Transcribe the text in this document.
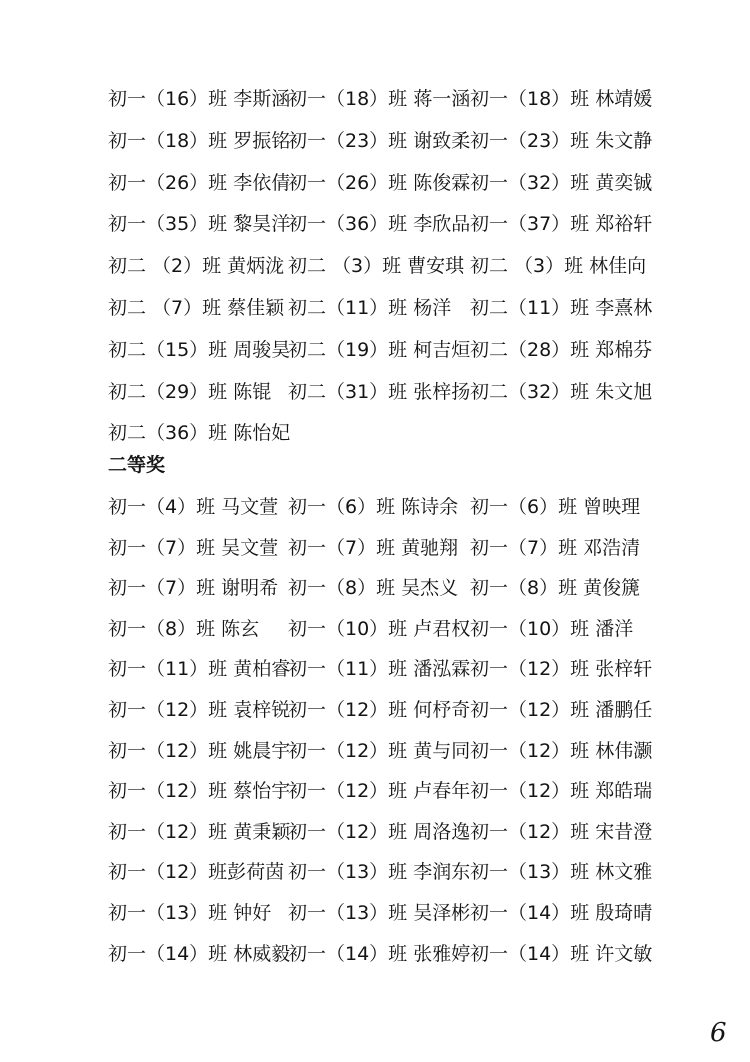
初一（16）班 李斯涵
初一（18）班 蒋一涵 初一（18）班 林靖媛
初一（18）班 罗振铭
初一（23）班 谢致柔 初一（23）班 朱文静
初一（26）班 李依倩
初一（26）班 陈俊霖 初一（32）班 黄奕铖
初一（35）班 黎昊洋
初一（36）班 李欣品 初一（37）班 郑裕轩
初二 （2）班 黄炳泷 初二 （3）班 曹安琪 初二 （3）班 林佳向
初二 （7）班 蔡佳颖 初二（11）班 杨洋 初二（11）班 李熹林
初二（15）班 周骏昊
初二（19）班 柯吉烜 初二（28）班 郑棉芬
初二（29）班 陈锟 初二（31）班 张梓扬 初二（32）班 朱文旭
初二（36）班 陈怡妃
初一（4）班 马文萱 初一（6）班 陈诗余 初一（6）班 曾映理
初一（7）班 吴文萱 初一（7）班 黄驰翔 初一（7）班 邓浩清
初一（7）班 谢明希 初一（8）班 吴杰义 初一（8）班 黄俊篪
初一（8）班 陈玄 初一（10）班 卢君权 初一（10）班 潘洋
初一（11）班 黄柏睿
初一（11）班 潘泓霖 初一（12）班 张梓轩
初一（12）班 袁梓锐
初一（12）班 何杼奇 初一（12）班 潘鹏任
初一（12）班 姚晨宇
初一（12）班 黄与同 初一（12）班 林伟灏
初一（12）班 蔡怡宇
初一（12）班 卢春年 初一（12）班 郑皓瑞
初一（12）班 黄秉颖
初一（12）班 周洛逸 初一（12）班 宋昔澄
初一（12）班彭荷茵 初一（13）班 李润东 初一（13）班 林文雅
初一（13）班 钟好 初一（13）班 吴泽彬 初一（14）班 殷琦晴
初一（14）班 林威毅
初一（14）班 张雅婷 初一（14）班 许文敏
二等奖
6
